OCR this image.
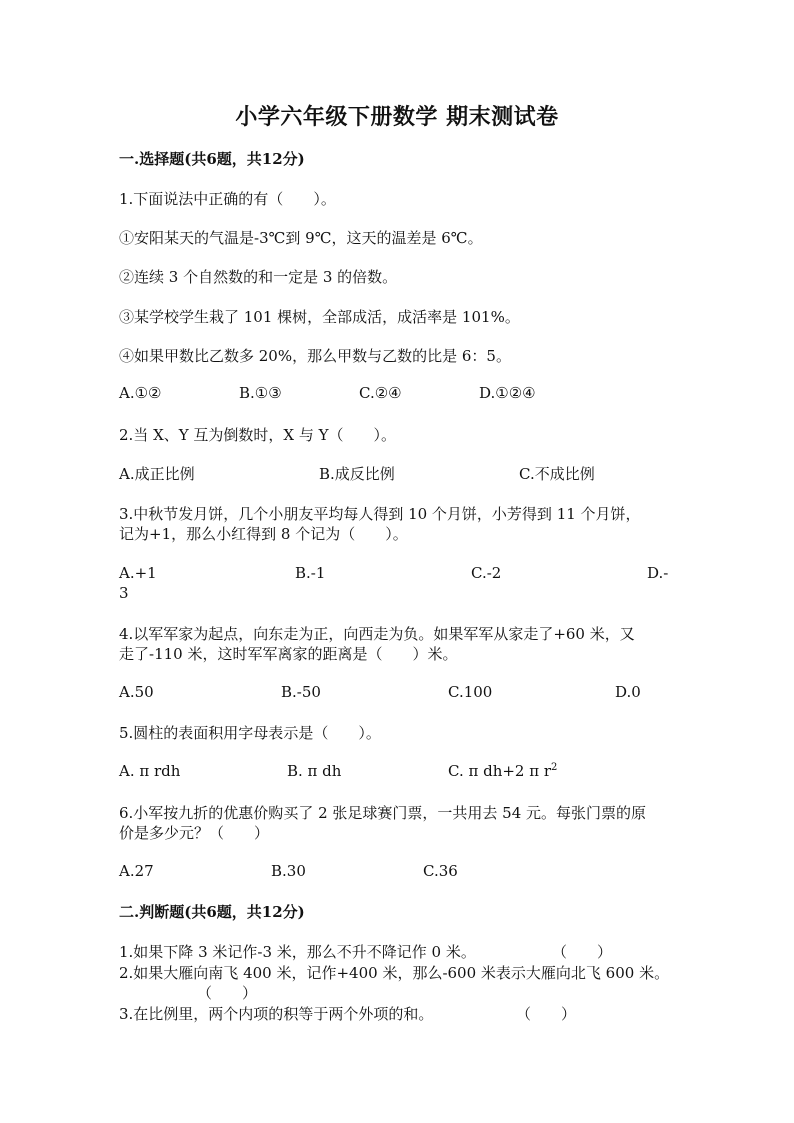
小学六年级下册数学 期末测试卷
一.选择题(共6题，共12分)
1.下面说法中正确的有（　　）。
①安阳某天的气温是-3℃到 9℃，这天的温差是 6℃。
②连续 3 个自然数的和一定是 3 的倍数。
③某学校学生栽了 101 棵树，全部成活，成活率是 101%。
④如果甲数比乙数多 20%，那么甲数与乙数的比是 6：5。
A.①②	B.①③	C.②④	D.①②④
2.当 X、Y 互为倒数时，X 与 Y（　　）。
A.成正比例	B.成反比例	C.不成比例
3.中秋节发月饼，几个小朋友平均每人得到 10 个月饼，小芳得到 11 个月饼，
记为+1，那么小红得到 8 个记为（　　）。
A.+1	B.-1	C.-2	D.-
3
4.以军军家为起点，向东走为正，向西走为负。如果军军从家走了+60 米，又
走了-110 米，这时军军离家的距离是（　　）米。
A.50	B.-50	C.100	D.0
5.圆柱的表面积用字母表示是（　　）。
A. π rdh	B. π dh	C. π dh+2 π $r^2$
6.小军按九折的优惠价购买了 2 张足球赛门票，一共用去 54 元。每张门票的原
价是多少元？（　　）
A.27	B.30	C.36
二.判断题(共6题，共12分)
1.如果下降 3 米记作-3 米，那么不升不降记作 0 米。	（　　）
2.如果大雁向南飞 400 米，记作+400 米，那么-600 米表示大雁向北飞 600 米。
（　　）
3.在比例里，两个内项的积等于两个外项的和。	（　　）
